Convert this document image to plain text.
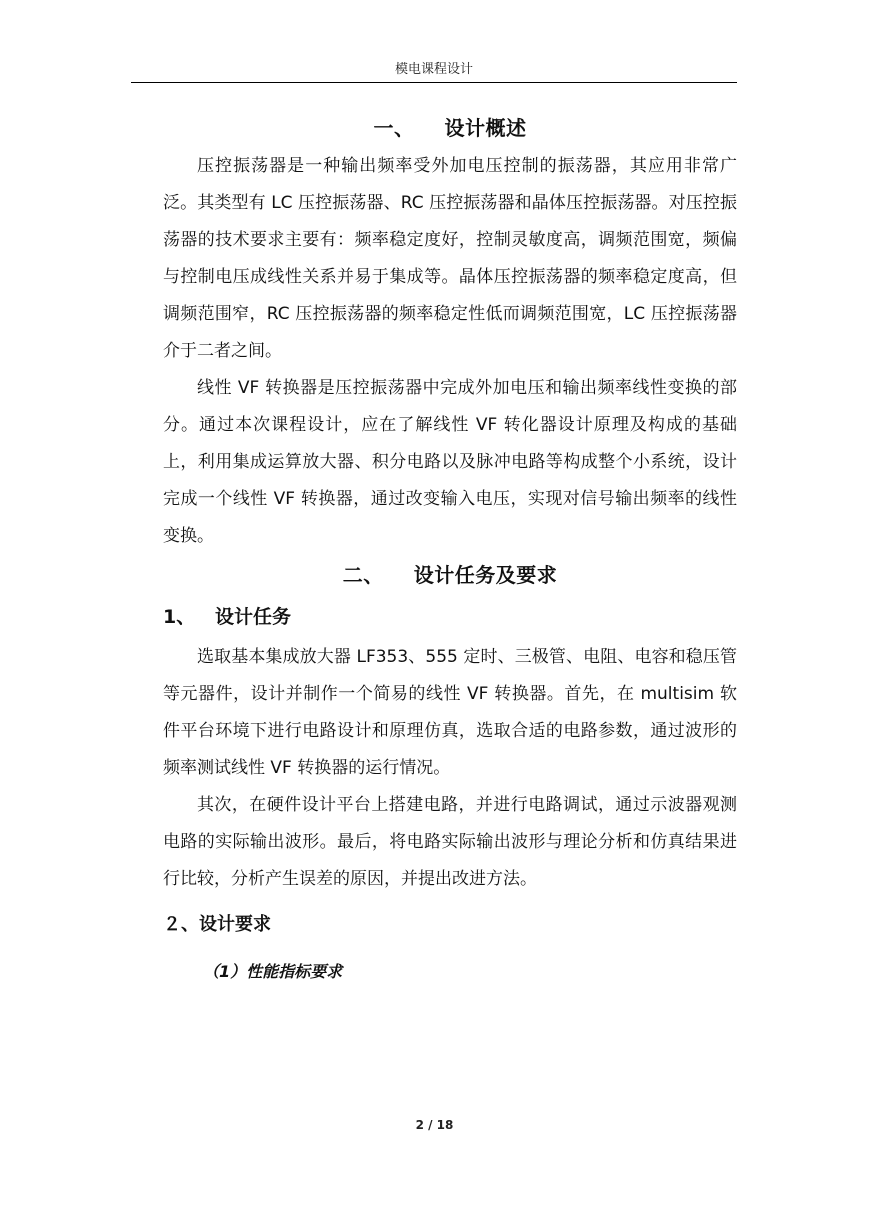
模电课程设计
一、 设计概述

压控振荡器是一种输出频率受外加电压控制的振荡器，其应用非常广泛。其类型有 LC 压控振荡器、RC 压控振荡器和晶体压控振荡器。对压控振荡器的技术要求主要有：频率稳定度好，控制灵敏度高，调频范围宽，频偏与控制电压成线性关系并易于集成等。晶体压控振荡器的频率稳定度高，但调频范围窄，RC 压控振荡器的频率稳定性低而调频范围宽，LC 压控振荡器介于二者之间。

线性 VF 转换器是压控振荡器中完成外加电压和输出频率线性变换的部分。通过本次课程设计，应在了解线性 VF 转化器设计原理及构成的基础上，利用集成运算放大器、积分电路以及脉冲电路等构成整个小系统，设计完成一个线性 VF 转换器，通过改变输入电压，实现对信号输出频率的线性变换。

二、 设计任务及要求
1、 设计任务

选取基本集成放大器 LF353、555 定时、三极管、电阻、电容和稳压管等元器件，设计并制作一个简易的线性 VF 转换器。首先，在 multisim 软件平台环境下进行电路设计和原理仿真，选取合适的电路参数，通过波形的频率测试线性 VF 转换器的运行情况。

其次，在硬件设计平台上搭建电路，并进行电路调试，通过示波器观测电路的实际输出波形。最后，将电路实际输出波形与理论分析和仿真结果进行比较，分析产生误差的原因，并提出改进方法。

２、设计要求
（1）性能指标要求
2 / 18
